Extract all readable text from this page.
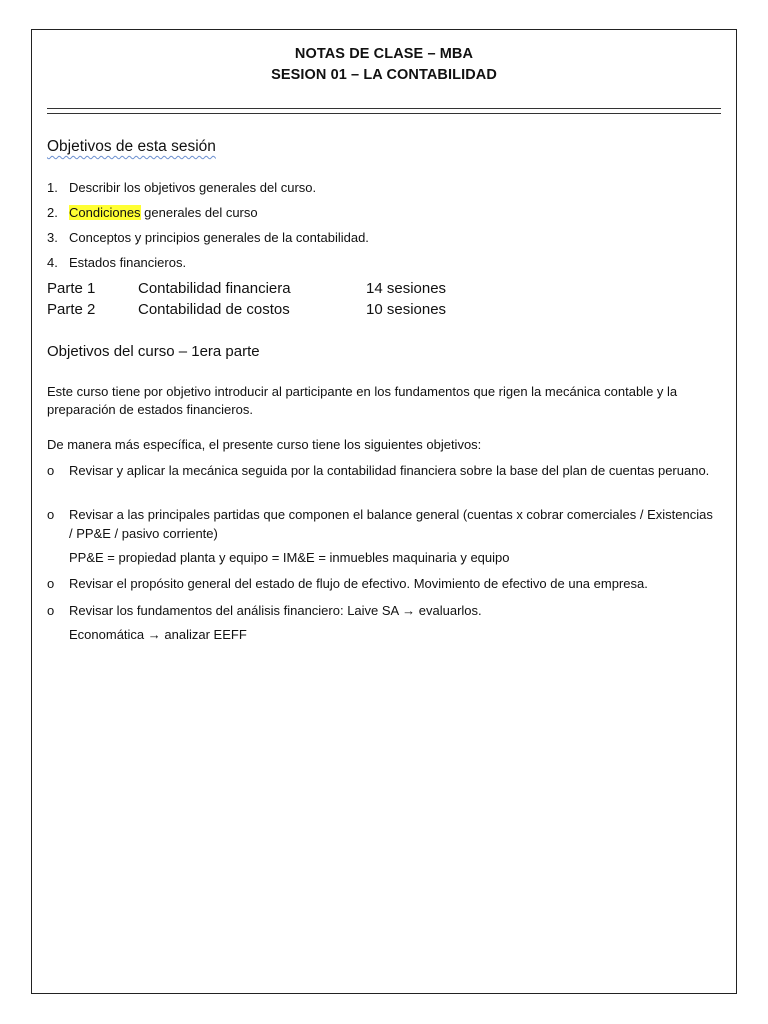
NOTAS DE CLASE – MBA
SESION 01 – LA CONTABILIDAD
Objetivos de esta sesión
1. Describir los objetivos generales del curso.
2. Condiciones generales del curso
3. Conceptos y principios generales de la contabilidad.
4. Estados financieros.
Parte 1	Contabilidad financiera	14 sesiones
Parte 2	Contabilidad de costos	10 sesiones
Objetivos del curso – 1era parte
Este curso tiene por objetivo introducir al participante en los fundamentos que rigen la mecánica contable y la preparación de estados financieros.
De manera más específica, el presente curso tiene los siguientes objetivos:
o Revisar y aplicar la mecánica seguida por la contabilidad financiera sobre la base del plan de cuentas peruano.
o Revisar a las principales partidas que componen el balance general (cuentas x cobrar comerciales / Existencias / PP&E / pasivo corriente)
PP&E = propiedad planta y equipo = IM&E = inmuebles maquinaria y equipo
o Revisar el propósito general del estado de flujo de efectivo. Movimiento de efectivo de una empresa.
o Revisar los fundamentos del análisis financiero: Laive SA → evaluarlos.
Economática → analizar EEFF
